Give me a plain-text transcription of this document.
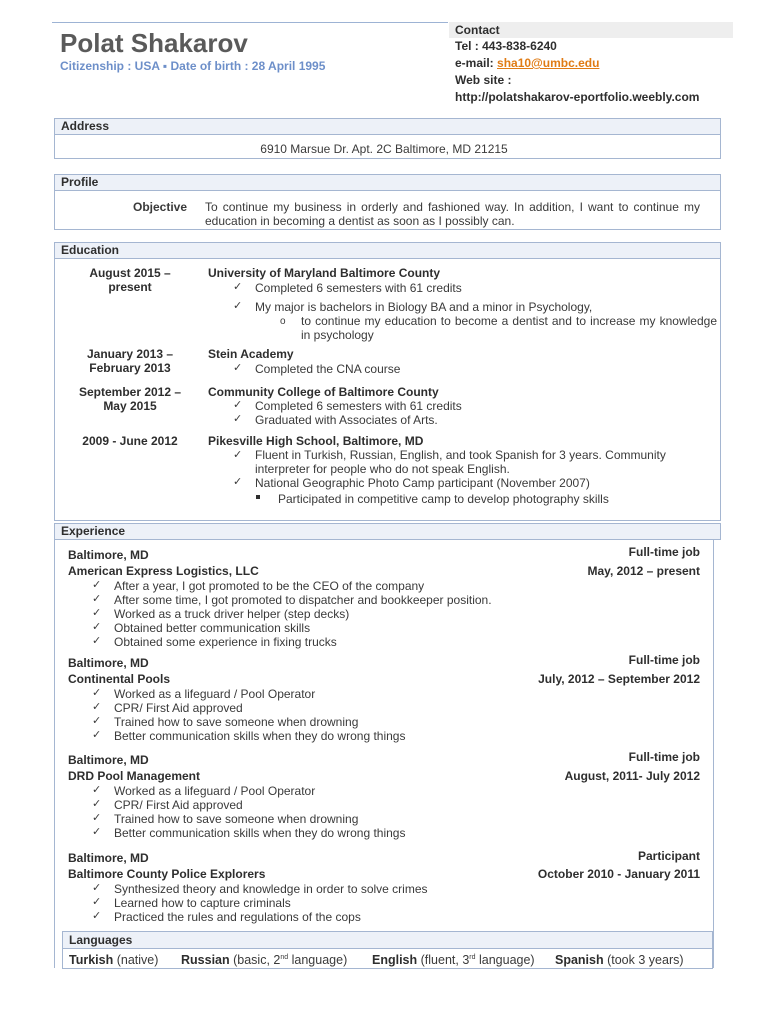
Polat Shakarov
Citizenship : USA ▪ Date of birth : 28 April 1995
Contact
Tel : 443-838-6240
e-mail: sha10@umbc.edu
Web site :
http://polatshakarov-eportfolio.weebly.com
Address
6910 Marsue Dr. Apt. 2C Baltimore, MD 21215
Profile
Objective To continue my business in orderly and fashioned way. In addition, I want to continue my education in becoming a dentist as soon as I possibly can.
Education
August 2015 –
present
University of Maryland Baltimore County
✓ Completed 6 semesters with 61 credits
✓ My major is bachelors in Biology BA and a minor in Psychology,
o to continue my education to become a dentist and to increase my knowledge in psychology
January 2013 –
February 2013
Stein Academy
✓ Completed the CNA course
September 2012 –
May 2015
Community College of Baltimore County
✓ Completed 6 semesters with 61 credits
✓ Graduated with Associates of Arts.
2009 - June 2012	Pikesville High School, Baltimore, MD
✓ Fluent in Turkish, Russian, English, and took Spanish for 3 years. Community interpreter for people who do not speak English.
✓ National Geographic Photo Camp participant (November 2007)
Participated in competitive camp to develop photography skills
Experience
Baltimore, MD	Full-time job
American Express Logistics, LLC	May, 2012 – present
✓ After a year, I got promoted to be the CEO of the company
✓ After some time, I got promoted to dispatcher and bookkeeper position.
✓ Worked as a truck driver helper (step decks)
✓ Obtained better communication skills
✓ Obtained some experience in fixing trucks
Baltimore, MD	Full-time job
Continental Pools	July, 2012 – September 2012
✓ Worked as a lifeguard / Pool Operator
✓ CPR/ First Aid approved
✓ Trained how to save someone when drowning
✓ Better communication skills when they do wrong things
Baltimore, MD	Full-time job
DRD Pool Management	August, 2011- July 2012
✓ Worked as a lifeguard / Pool Operator
✓ CPR/ First Aid approved
✓ Trained how to save someone when drowning
✓ Better communication skills when they do wrong things
Baltimore, MD	Participant
Baltimore County Police Explorers	October 2010 - January 2011
✓ Synthesized theory and knowledge in order to solve crimes
✓ Learned how to capture criminals
✓ Practiced the rules and regulations of the cops
Languages
Turkish (native) Russian (basic, 2nd language) English (fluent, 3rd language) Spanish (took 3 years)
